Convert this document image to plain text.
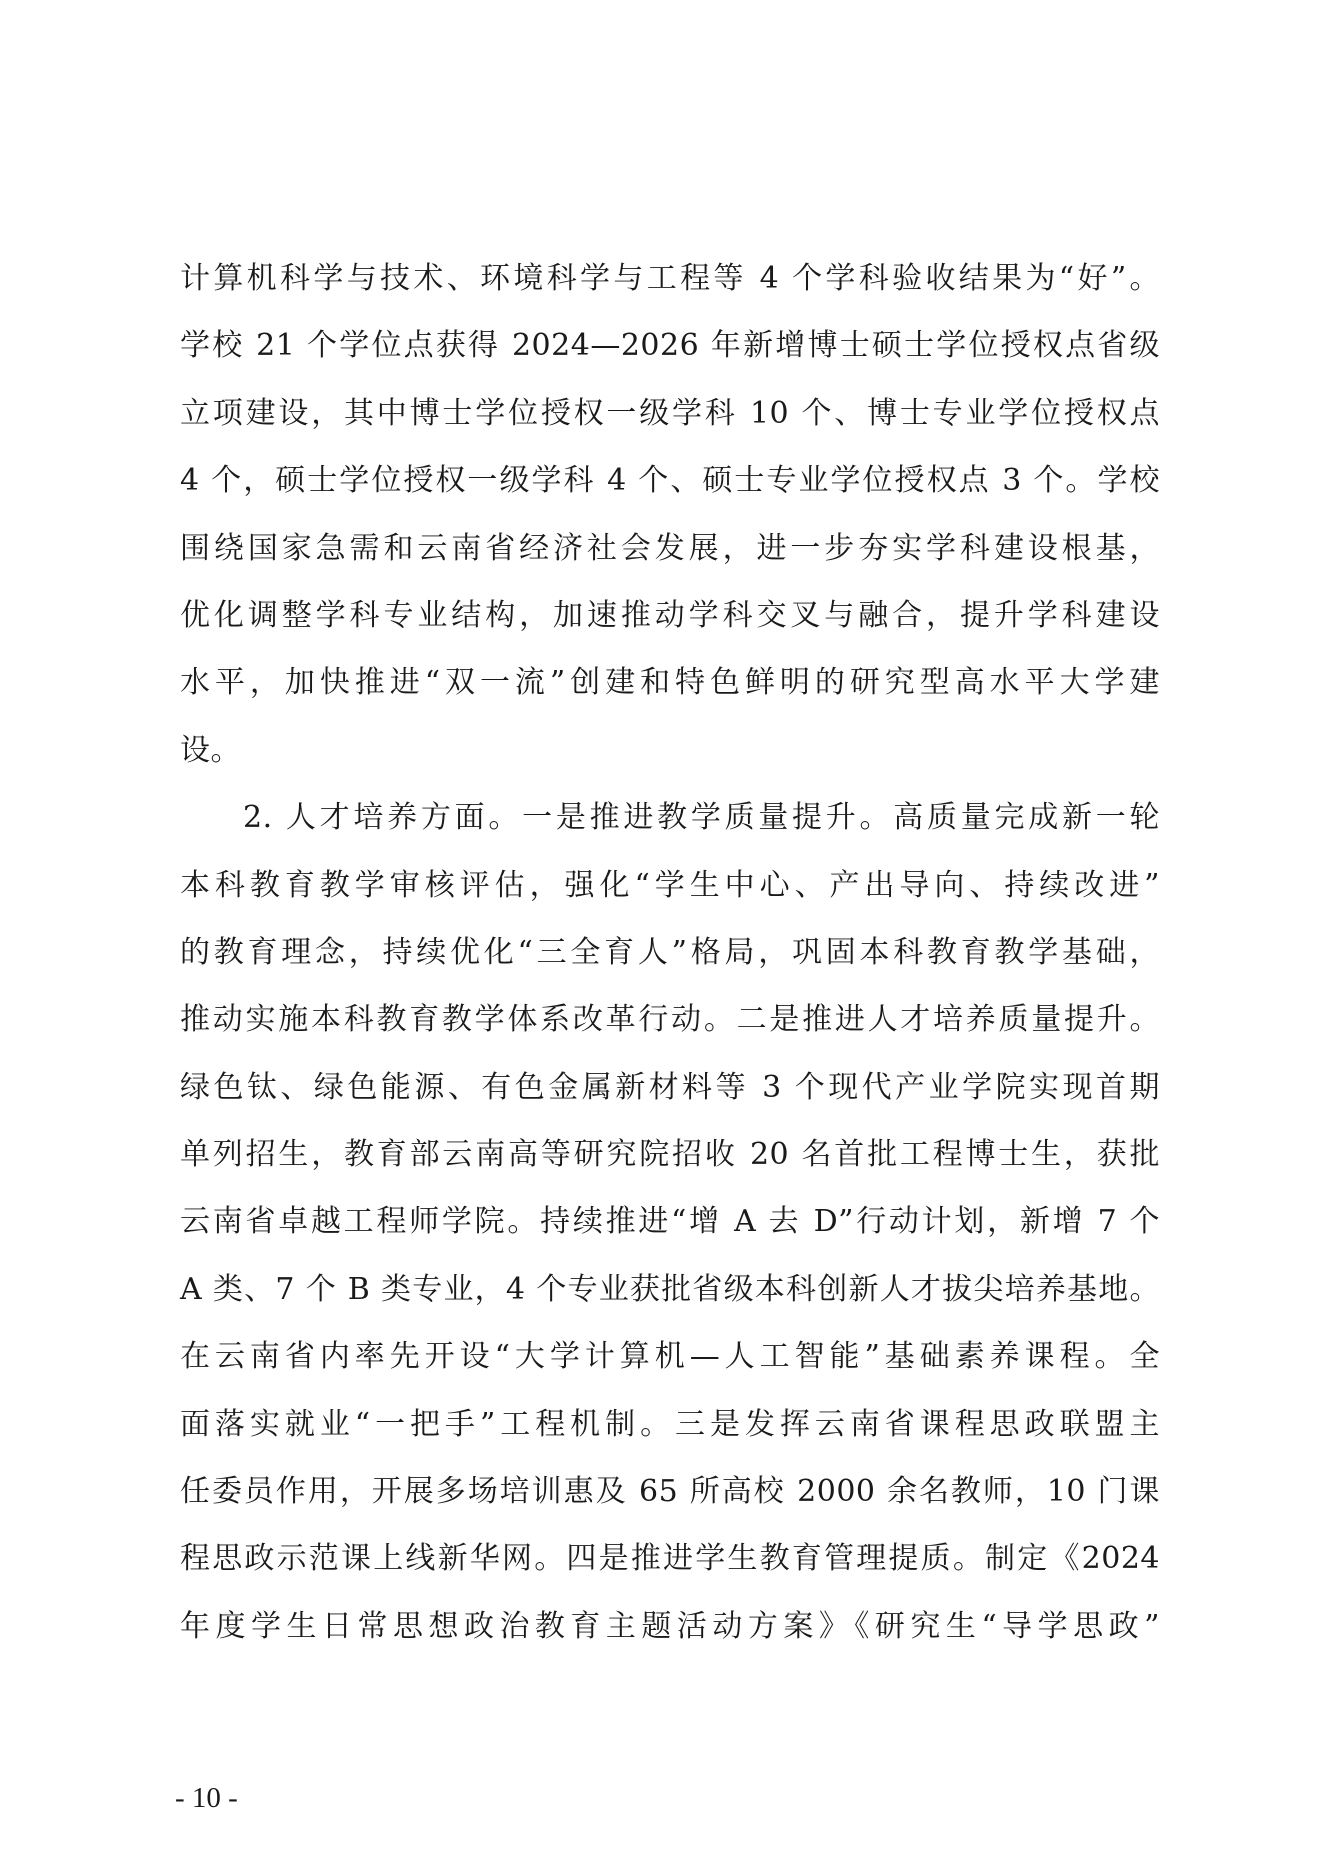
计算机科学与技术、环境科学与工程等 4 个学科验收结果为“好”。
学校 21 个学位点获得 2024—2026 年新增博士硕士学位授权点省级
立项建设，其中博士学位授权一级学科 10 个、博士专业学位授权点
4 个，硕士学位授权一级学科 4 个、硕士专业学位授权点 3 个。学校
围绕国家急需和云南省经济社会发展，进一步夯实学科建设根基，
优化调整学科专业结构，加速推动学科交叉与融合，提升学科建设
水平，加快推进“双一流”创建和特色鲜明的研究型高水平大学建
设。
2. 人才培养方面。一是推进教学质量提升。高质量完成新一轮
本科教育教学审核评估，强化“学生中心、产出导向、持续改进”
的教育理念，持续优化“三全育人”格局，巩固本科教育教学基础，
推动实施本科教育教学体系改革行动。二是推进人才培养质量提升。
绿色钛、绿色能源、有色金属新材料等 3 个现代产业学院实现首期
单列招生，教育部云南高等研究院招收 20 名首批工程博士生，获批
云南省卓越工程师学院。持续推进“增 A 去 D”行动计划，新增 7 个
A 类、7 个 B 类专业，4 个专业获批省级本科创新人才拔尖培养基地。
在云南省内率先开设“大学计算机—人工智能”基础素养课程。全
面落实就业“一把手”工程机制。三是发挥云南省课程思政联盟主
任委员作用，开展多场培训惠及 65 所高校 2000 余名教师，10 门课
程思政示范课上线新华网。四是推进学生教育管理提质。制定《2024
年度学生日常思想政治教育主题活动方案》《研究生“导学思政”
- 10 -
